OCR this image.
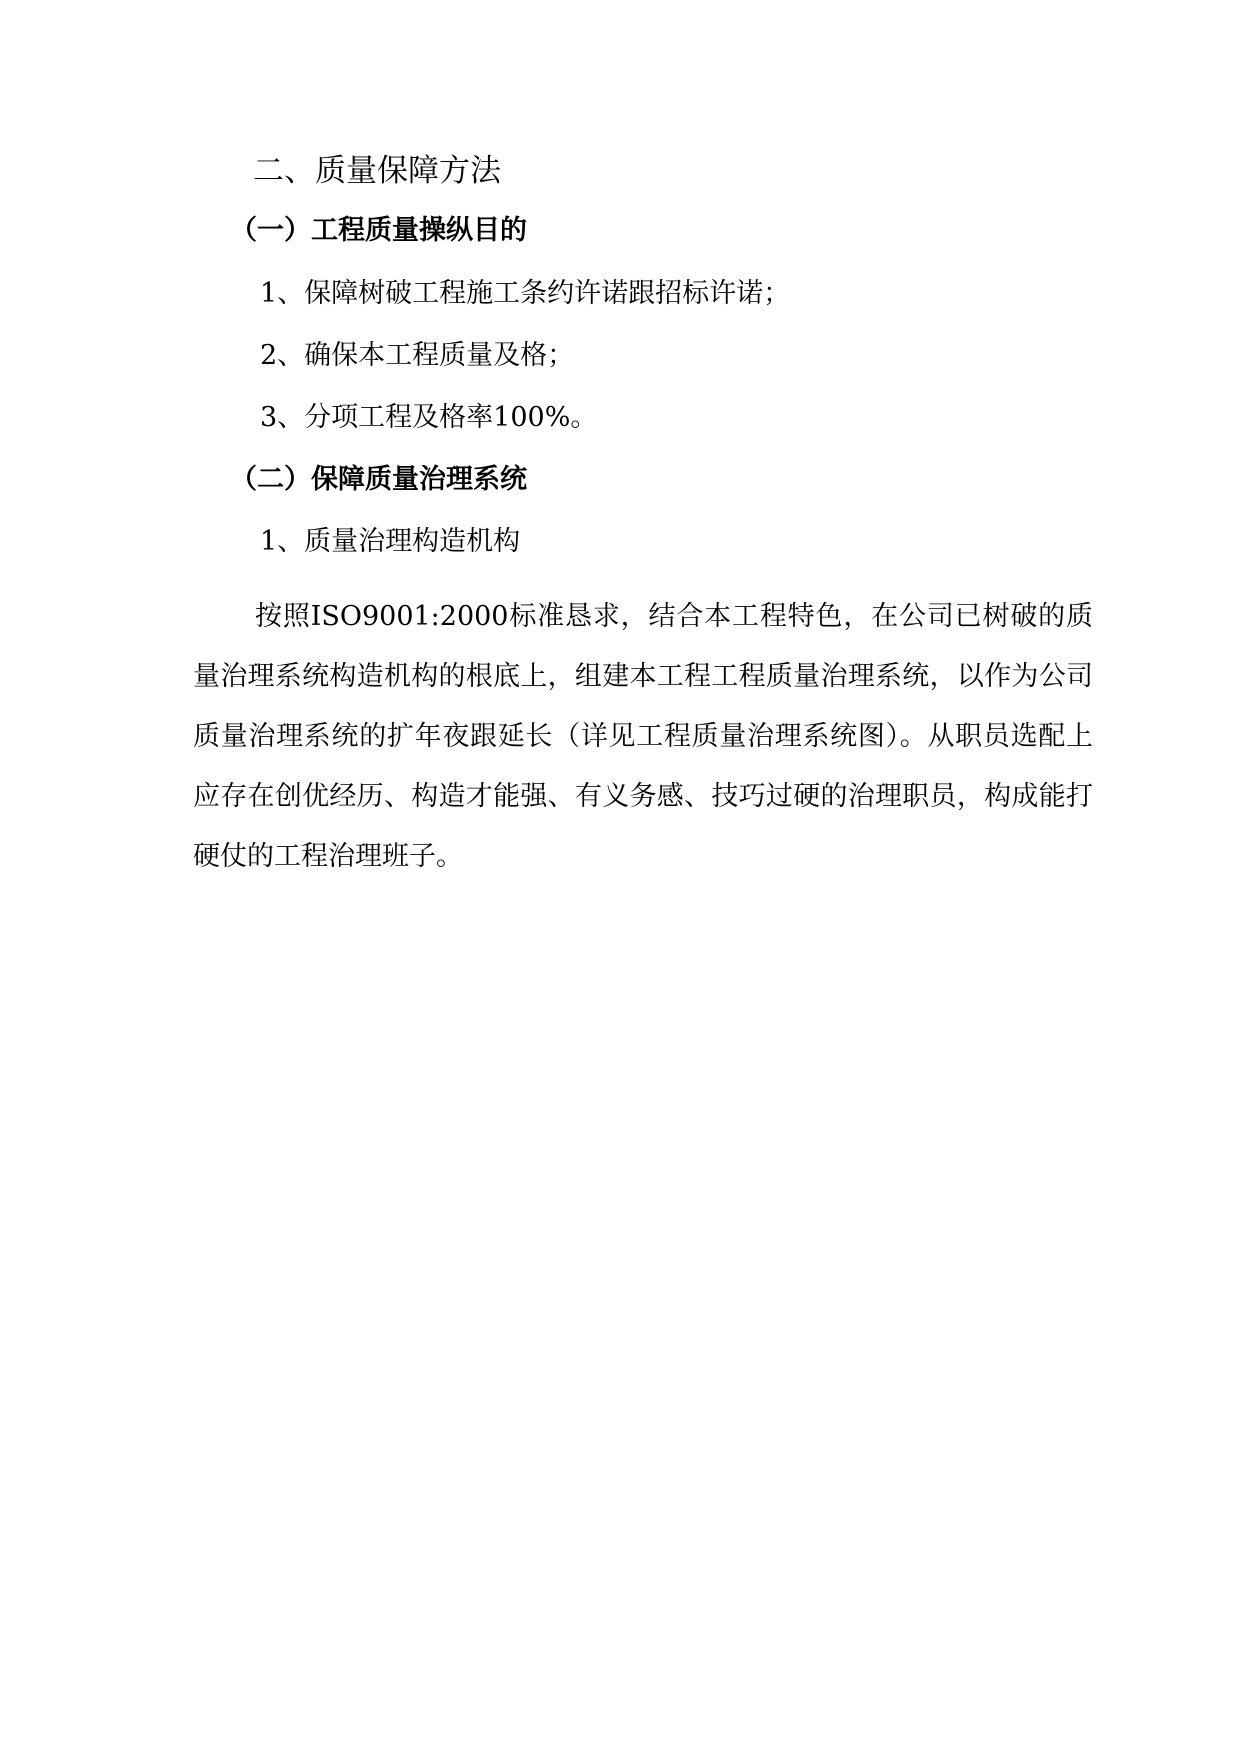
二、质量保障方法
（一）工程质量操纵目的
1、保障树破工程施工条约许诺跟招标许诺；
2、确保本工程质量及格；
3、分项工程及格率100%。
（二）保障质量治理系统
1、质量治理构造机构
按照ISO9001:2000标准恳求，结合本工程特色，在公司已树破的质量治理系统构造机构的根底上，组建本工程工程质量治理系统，以作为公司质量治理系统的扩年夜跟延长（详见工程质量治理系统图）。从职员选配上应存在创优经历、构造才能强、有义务感、技巧过硬的治理职员，构成能打硬仗的工程治理班子。
